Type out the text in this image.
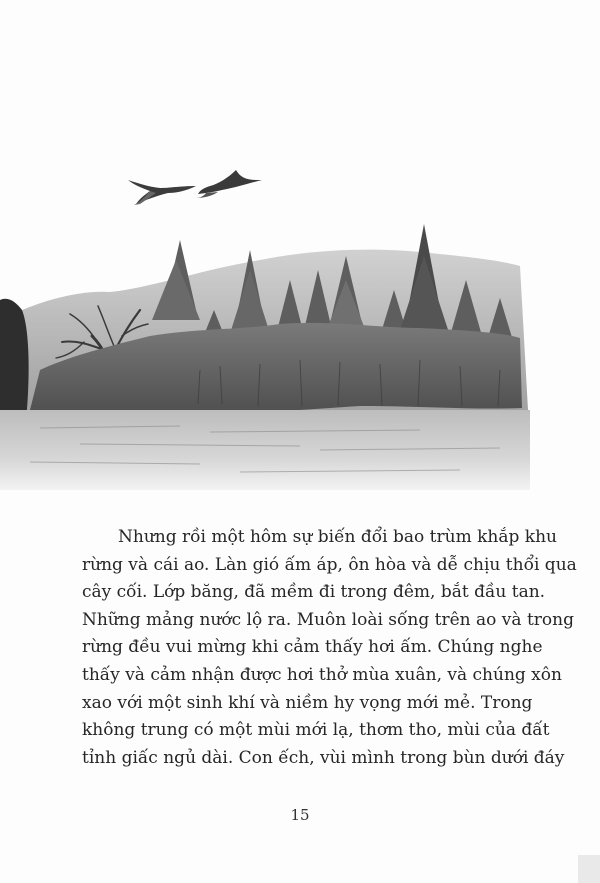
Nhưng rồi một hôm sự biến đổi bao trùm khắp khu
rừng và cái ao. Làn gió ấm áp, ôn hòa và dễ chịu thổi qua
cây cối. Lớp băng, đã mềm đi trong đêm, bắt đầu tan.
Những mảng nước lộ ra. Muôn loài sống trên ao và trong
rừng đều vui mừng khi cảm thấy hơi ấm. Chúng nghe
thấy và cảm nhận được hơi thở mùa xuân, và chúng xôn
xao với một sinh khí và niềm hy vọng mới mẻ. Trong
không trung có một mùi mới lạ, thơm tho, mùi của đất
tỉnh giấc ngủ dài. Con ếch, vùi mình trong bùn dưới đáy
15
